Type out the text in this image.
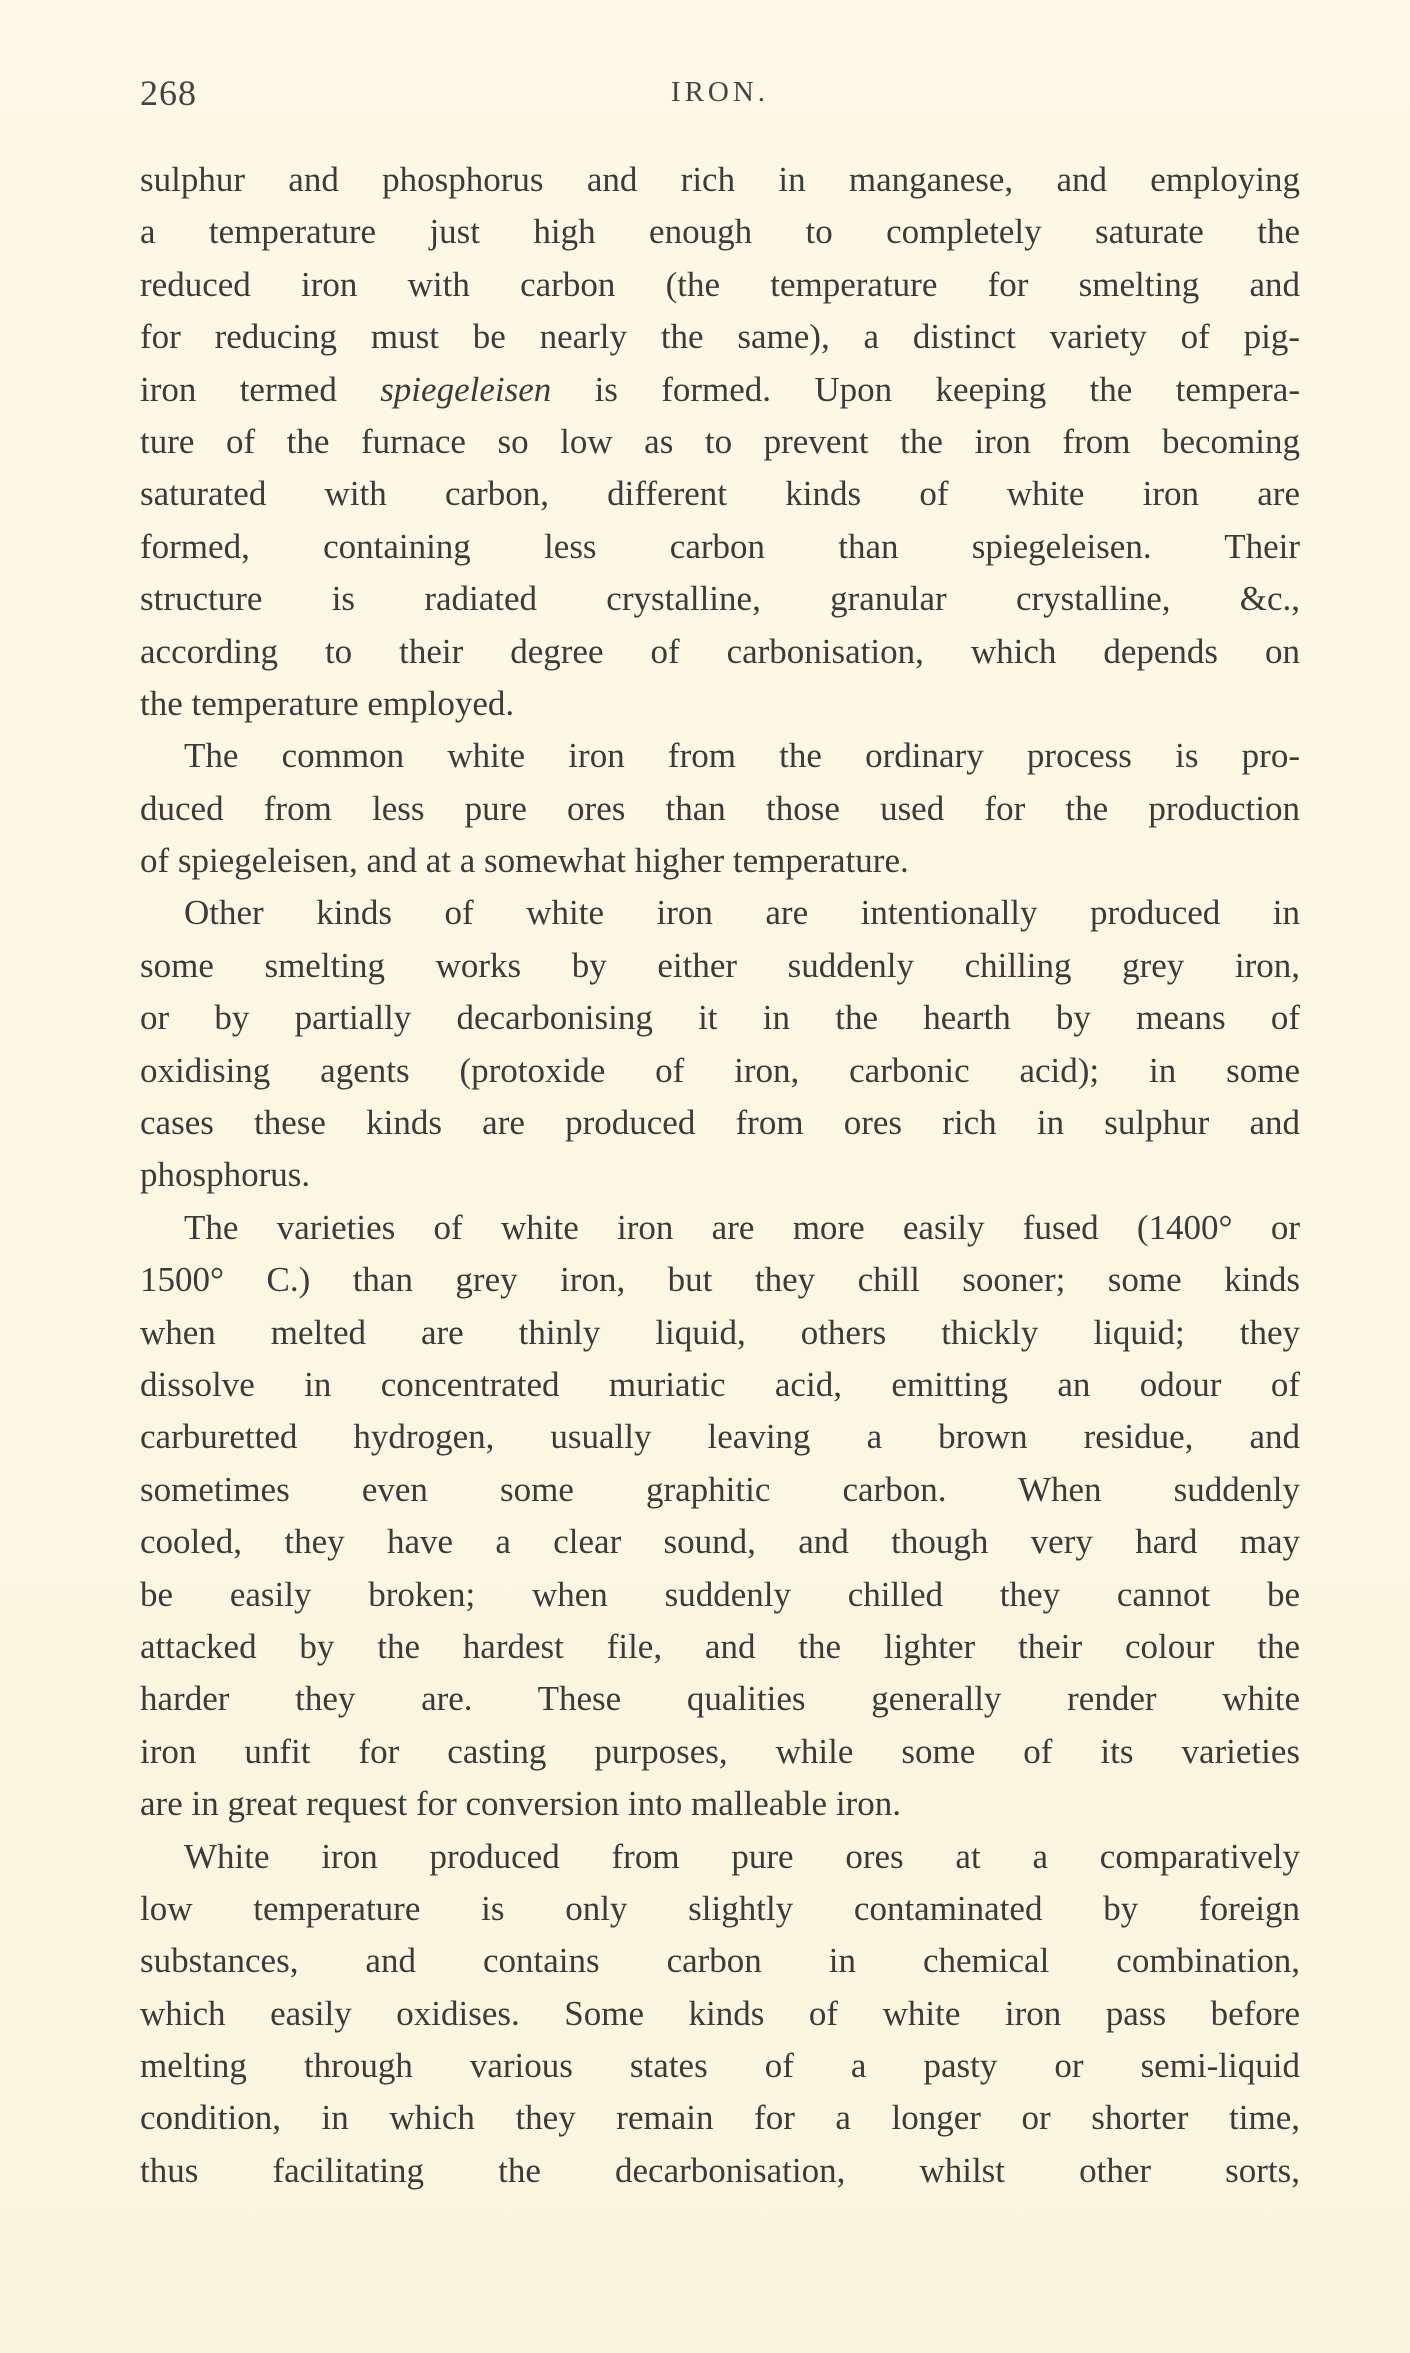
268	IRON.
sulphur and phosphorus and rich in manganese, and employing
a temperature just high enough to completely saturate the
reduced iron with carbon (the temperature for smelting and
for reducing must be nearly the same), a distinct variety of pig-
iron termed spiegeleisen is formed. Upon keeping the tempera-
ture of the furnace so low as to prevent the iron from becoming
saturated with carbon, different kinds of white iron are
formed, containing less carbon than spiegeleisen. Their
structure is radiated crystalline, granular crystalline, &c.,
according to their degree of carbonisation, which depends on
the temperature employed.
The common white iron from the ordinary process is pro-
duced from less pure ores than those used for the production
of spiegeleisen, and at a somewhat higher temperature.
Other kinds of white iron are intentionally produced in
some smelting works by either suddenly chilling grey iron,
or by partially decarbonising it in the hearth by means of
oxidising agents (protoxide of iron, carbonic acid); in some
cases these kinds are produced from ores rich in sulphur and
phosphorus.
The varieties of white iron are more easily fused (1400° or
1500° C.) than grey iron, but they chill sooner; some kinds
when melted are thinly liquid, others thickly liquid; they
dissolve in concentrated muriatic acid, emitting an odour of
carburetted hydrogen, usually leaving a brown residue, and
sometimes even some graphitic carbon. When suddenly
cooled, they have a clear sound, and though very hard may
be easily broken; when suddenly chilled they cannot be
attacked by the hardest file, and the lighter their colour the
harder they are. These qualities generally render white
iron unfit for casting purposes, while some of its varieties
are in great request for conversion into malleable iron.
White iron produced from pure ores at a comparatively
low temperature is only slightly contaminated by foreign
substances, and contains carbon in chemical combination,
which easily oxidises. Some kinds of white iron pass before
melting through various states of a pasty or semi-liquid
condition, in which they remain for a longer or shorter time,
thus facilitating the decarbonisation, whilst other sorts,
